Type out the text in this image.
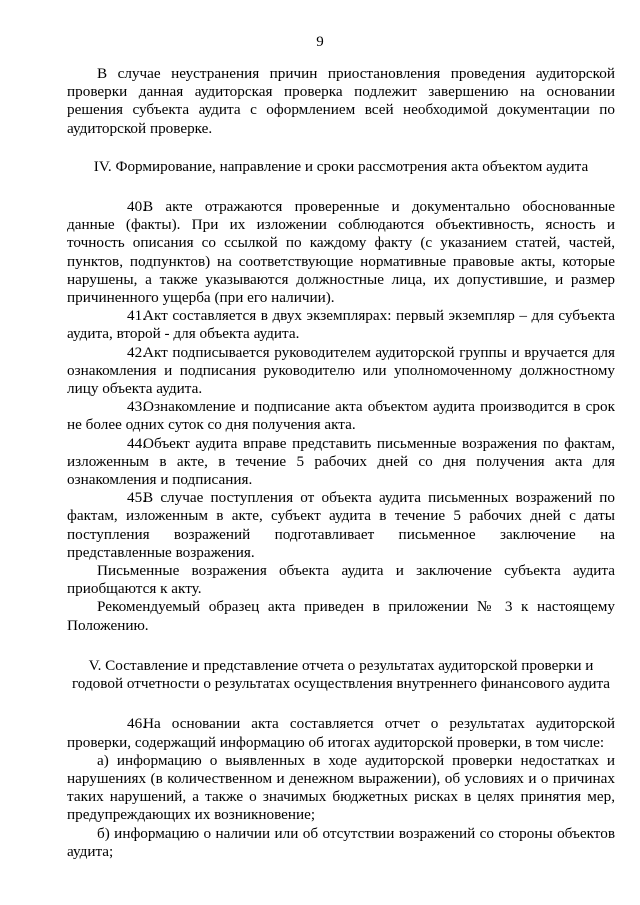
9

В случае неустранения причин приостановления проведения аудиторской проверки данная аудиторская проверка подлежит завершению на основании решения субъекта аудита с оформлением всей необходимой документации по аудиторской проверке.

IV. Формирование, направление и сроки рассмотрения акта объектом аудита

40.В акте отражаются проверенные и документально обоснованные данные (факты). При их изложении соблюдаются объективность, ясность и точность описания со ссылкой по каждому факту (с указанием статей, частей, пунктов, подпунктов) на соответствующие нормативные правовые акты, которые нарушены, а также указываются должностные лица, их допустившие, и размер причиненного ущерба (при его наличии).

41.Акт составляется в двух экземплярах: первый экземпляр – для субъекта аудита, второй - для объекта аудита.

42.Акт подписывается руководителем аудиторской группы и вручается для ознакомления и подписания руководителю или уполномоченному должностному лицу объекта аудита.

43.Ознакомление и подписание акта объектом аудита производится в срок не более одних суток со дня получения акта.

44.Объект аудита вправе представить письменные возражения по фактам, изложенным в акте, в течение 5 рабочих дней со дня получения акта для ознакомления и подписания.

45.В случае поступления от объекта аудита письменных возражений по фактам, изложенным в акте, субъект аудита в течение 5 рабочих дней с даты поступления возражений подготавливает письменное заключение на представленные возражения.

Письменные возражения объекта аудита и заключение субъекта аудита приобщаются к акту.

Рекомендуемый образец акта приведен в приложении № 3 к настоящему Положению.

V. Составление и представление отчета о результатах аудиторской проверки и

годовой отчетности о результатах осуществления внутреннего финансового аудита

46.На основании акта составляется отчет о результатах аудиторской проверки, содержащий информацию об итогах аудиторской проверки, в том числе:

а) информацию о выявленных в ходе аудиторской проверки недостатках и нарушениях (в количественном и денежном выражении), об условиях и о причинах таких нарушений, а также о значимых бюджетных рисках в целях принятия мер, предупреждающих их возникновение;

б) информацию о наличии или об отсутствии возражений со стороны объектов аудита;
